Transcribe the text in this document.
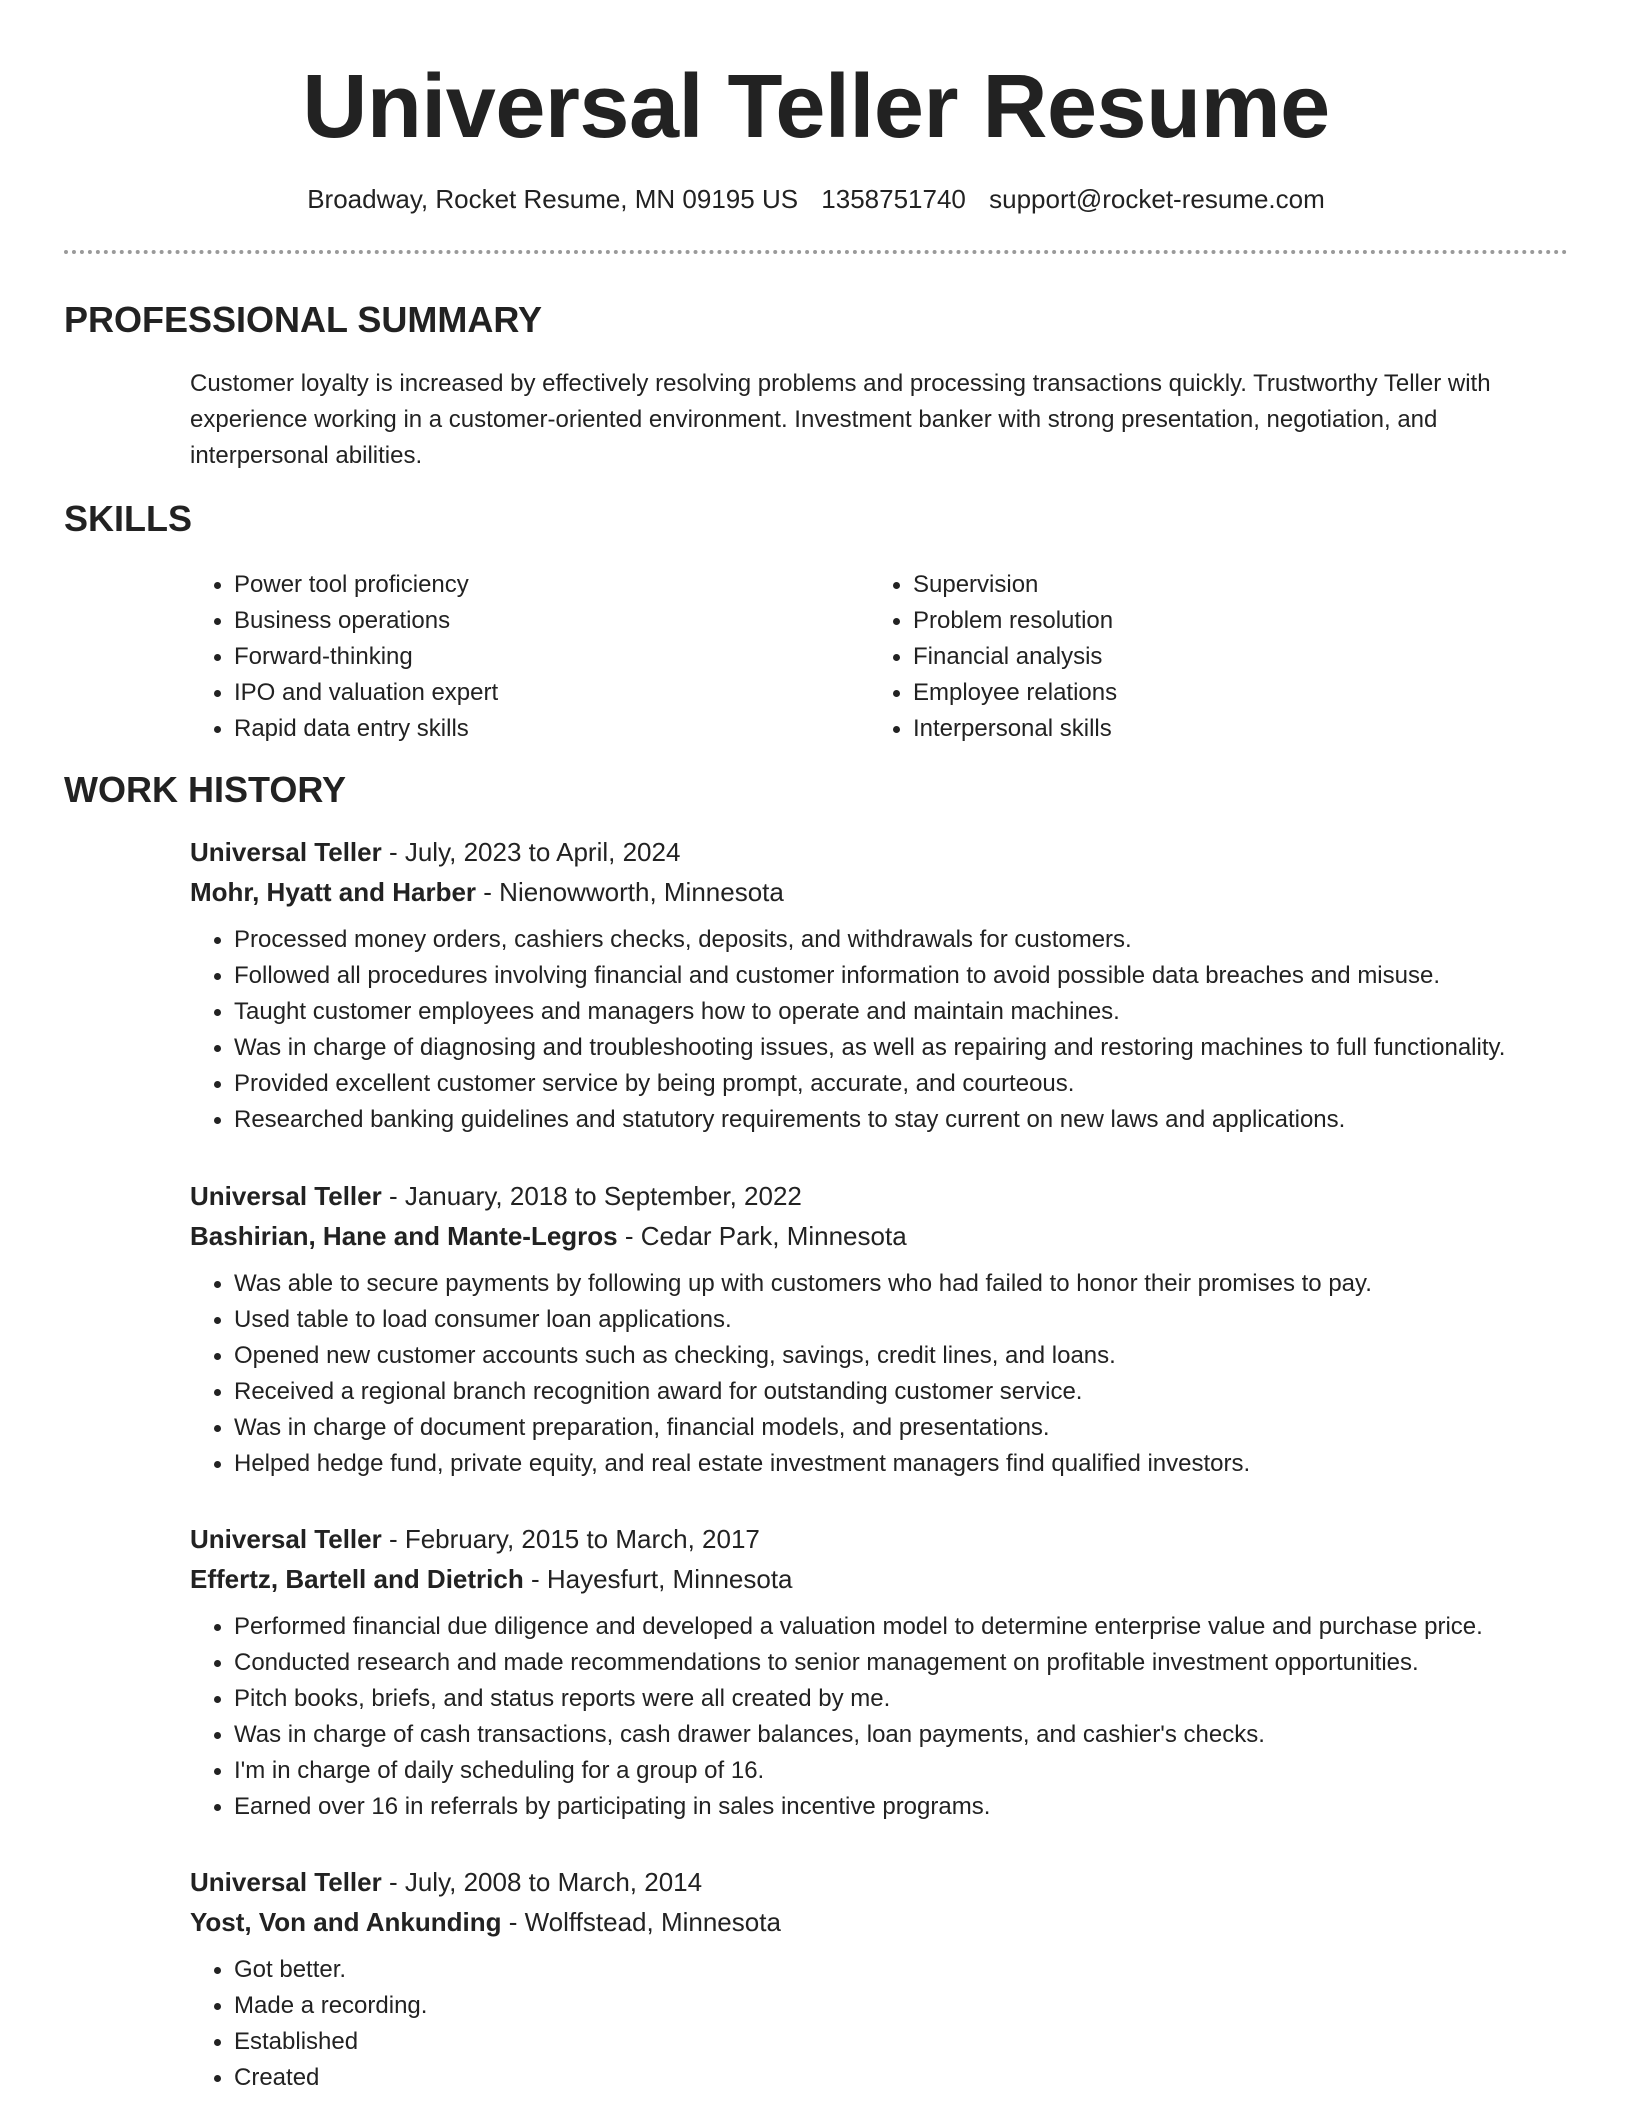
Universal Teller Resume
Broadway, Rocket Resume, MN 09195 US 1358751740 support@rocket-resume.com
PROFESSIONAL SUMMARY

Customer loyalty is increased by effectively resolving problems and processing transactions quickly. Trustworthy Teller with experience working in a customer-oriented environment. Investment banker with strong presentation, negotiation, and interpersonal abilities.

SKILLS
• Power tool proficiency
• Business operations
• Forward-thinking
• IPO and valuation expert
• Rapid data entry skills
• Supervision
• Problem resolution
• Financial analysis
• Employee relations
• Interpersonal skills
WORK HISTORY
Universal Teller - July, 2023 to April, 2024
Mohr, Hyatt and Harber - Nienowworth, Minnesota
• Processed money orders, cashiers checks, deposits, and withdrawals for customers.
• Followed all procedures involving financial and customer information to avoid possible data breaches and misuse.
• Taught customer employees and managers how to operate and maintain machines.
• Was in charge of diagnosing and troubleshooting issues, as well as repairing and restoring machines to full functionality.
• Provided excellent customer service by being prompt, accurate, and courteous.
• Researched banking guidelines and statutory requirements to stay current on new laws and applications.
Universal Teller - January, 2018 to September, 2022
Bashirian, Hane and Mante-Legros - Cedar Park, Minnesota
• Was able to secure payments by following up with customers who had failed to honor their promises to pay.
• Used table to load consumer loan applications.
• Opened new customer accounts such as checking, savings, credit lines, and loans.
• Received a regional branch recognition award for outstanding customer service.
• Was in charge of document preparation, financial models, and presentations.
• Helped hedge fund, private equity, and real estate investment managers find qualified investors.
Universal Teller - February, 2015 to March, 2017
Effertz, Bartell and Dietrich - Hayesfurt, Minnesota
• Performed financial due diligence and developed a valuation model to determine enterprise value and purchase price.
• Conducted research and made recommendations to senior management on profitable investment opportunities.
• Pitch books, briefs, and status reports were all created by me.
• Was in charge of cash transactions, cash drawer balances, loan payments, and cashier's checks.
• I'm in charge of daily scheduling for a group of 16.
• Earned over 16 in referrals by participating in sales incentive programs.
Universal Teller - July, 2008 to March, 2014
Yost, Von and Ankunding - Wolffstead, Minnesota
• Got better.
• Made a recording.
• Established
• Created
